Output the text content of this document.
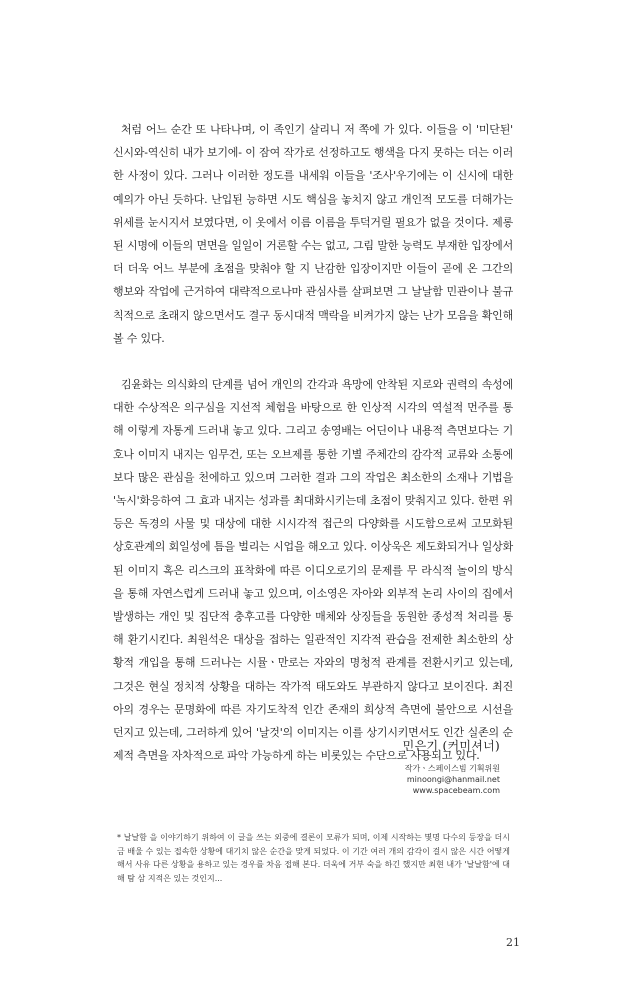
처럼 어느 순간 또 나타나며, 이 족인기 살리니 저 쪽에 가 있다. 이들을 이 '미단된' 신시와-역신히 내가 보기에- 이 잠여 작가로 선정하고도 행색을 다지 못하는 더는 이러한 사정이 있다. 그러나 이러한 정도를 내세워 이들을 '조사'우기에는 이 신시에 대한 예의가 아닌 듯하다. 난입된 능하면 시도 핵심을 놓치지 않고 개인적 모도를 더해가는 위세를 눈시지서 보였다면, 이 옷에서 이름 이름을 투덕거릴 필요가 없을 것이다. 제롱된 시명에 이들의 면면을 일일이 거론할 수는 없고, 그림 말한 능력도 부재한 입장에서 더 더욱 어느 부분에 초점을 맞춰야 할 지 난감한 입장이지만 이들이 곧에 온 그간의 행보와 작업에 근거하여 대략적으로나마 관심사를 살펴보면 그 날날함 민관이나 불규칙적으로 초래지 않으면서도 결구 동시대적 맥락을 비켜가지 않는 난가 모음을 확인해볼 수 있다.

김윤화는 의식화의 단계를 넘어 개인의 간각과 욕망에 안착된 지로와 권력의 속성에 대한 수상적은 의구심을 지선적 체험을 바탕으로 한 인상적 시각의 역설적 먼주를 통해 이렇게 자통게 드러내 놓고 있다. 그리고 송영배는 어딘이나 내용적 측면보다는 기호나 이미지 내지는 임무건, 또는 오브제를 통한 기별 주체간의 감각적 교류와 소통에 보다 많은 관심을 천에하고 있으며 그러한 결과 그의 작업은 최소한의 소재나 기법을 '녹시'화응하여 그 효과 내지는 성과를 최대화시키는데 초점이 맞춰지고 있다. 한편 위 등은 독경의 사물 및 대상에 대한 시시각적 접근의 다양화를 시도함으로써 고모화된 상호관계의 회일성에 틈을 벌리는 시업을 해오고 있다. 이상욱은 제도화되거나 일상화된 이미지 혹은 리스크의 표착화에 따른 이디오로기의 문제를 무 라식적 놀이의 방식을 통해 자연스럽게 드러내 놓고 있으며, 이소영은 자아와 외부적 논리 사이의 집에서 발생하는 개인 및 집단적 충후고를 다양한 매체와 상징들을 동원한 종성적 처리를 통해 환기시킨다. 최원석은 대상을 접하는 일관적인 지각적 관습을 전제한 최소한의 상황적 개입을 통해 드러나는 시뮬ㆍ만로는 자와의 명청적 관계를 전환시키고 있는데, 그것은 현실 정치적 상황을 대하는 작가적 태도와도 부관하지 않다고 보이진다. 최진아의 경우는 문명화에 따른 자기도착적 인간 존재의 희상적 측면에 불안으로 시선을 던지고 있는데, 그러하게 있어 '날것'의 이미지는 이를 상기시키면서도 인간 실존의 순제적 측면을 자차적으로 파악 가능하게 하는 비롯있는 수단으로 사용되고 있다.

민은기 (커미셔너)
작가ㆍ스페이스빔 기획위원
minoongi@hanmail.net
www.spacebeam.com
* 날날함 을 이야기하기 위하여 이 글을 쓰는 외중에 결론이 모류가 되며, 이제 시작하는 몇명 다수의 등장을 더시금 배울 수 있는 접속한 상황에 대기치 않은 순간을 맞게 되었다. 이 기간 여러 개의 감각이 걸시 않은 시간 어떻게 해서 사유 다른 상황을 용하고 있는 경우를 차음 접해 본다. 더욱에 거부 숙을 하긴 했지만 최현 내가 '날날함'에 대해 탐 삼 지적은 있는 것인지...
21
